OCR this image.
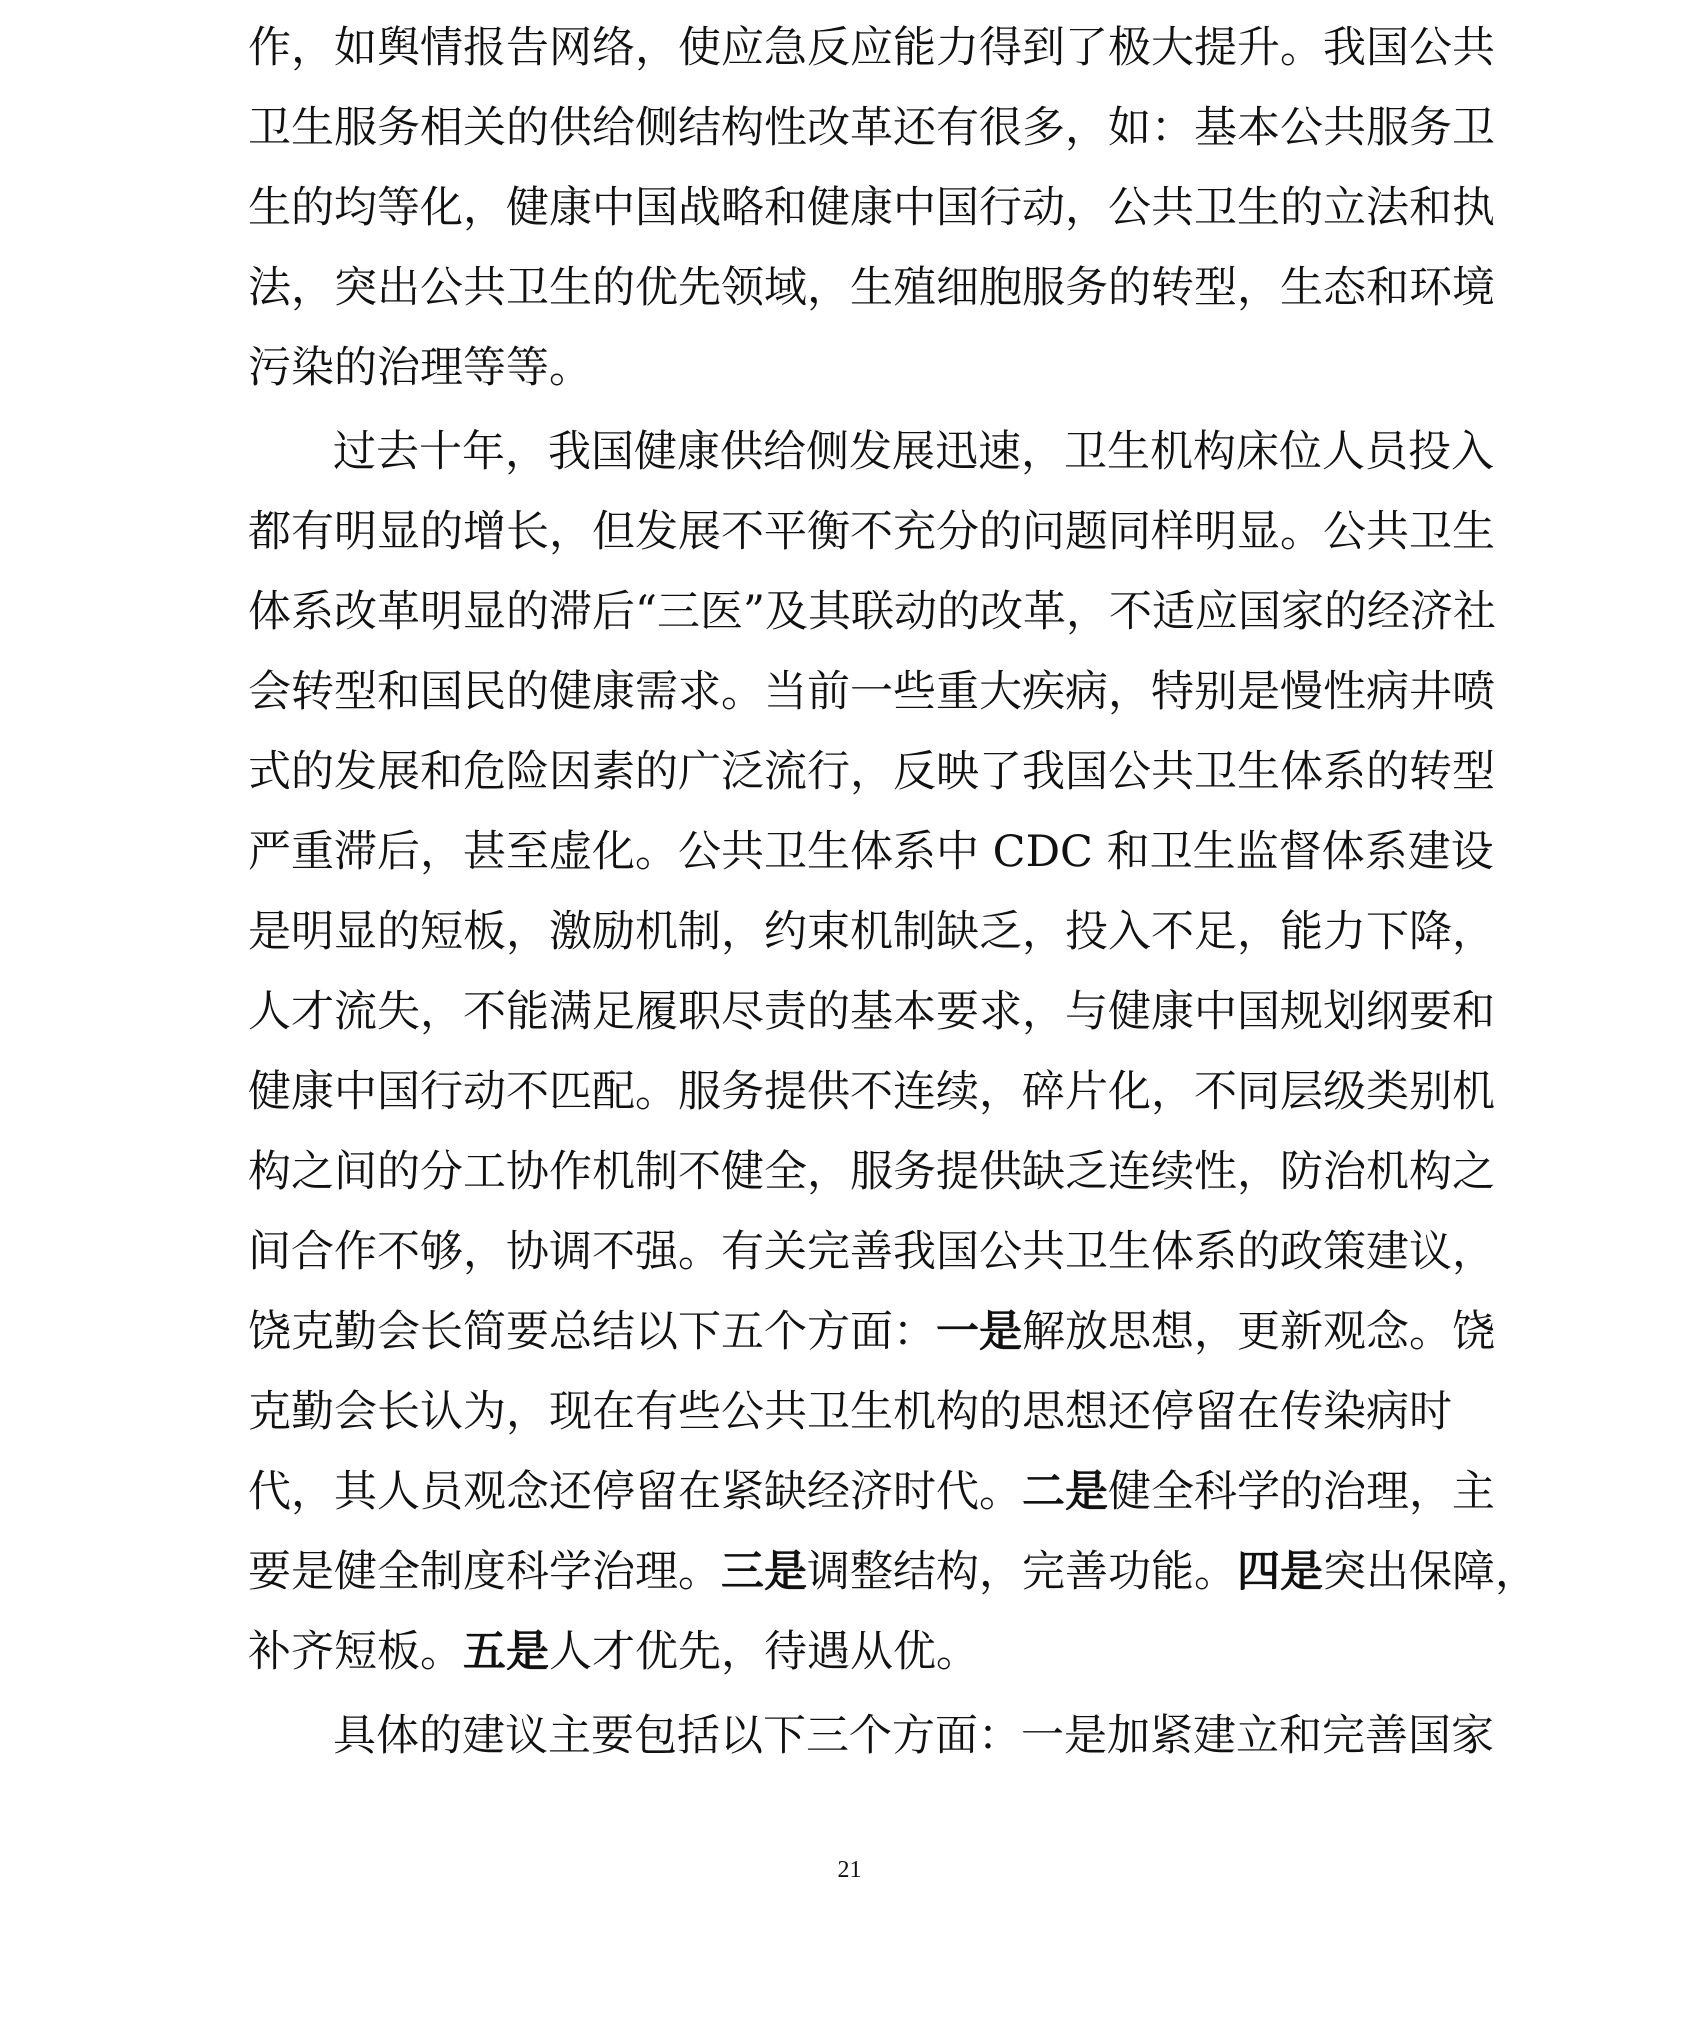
作，如舆情报告网络，使应急反应能力得到了极大提升。我国公共
卫生服务相关的供给侧结构性改革还有很多，如：基本公共服务卫
生的均等化，健康中国战略和健康中国行动，公共卫生的立法和执
法，突出公共卫生的优先领域，生殖细胞服务的转型，生态和环境
污染的治理等等。
过去十年，我国健康供给侧发展迅速，卫生机构床位人员投入
都有明显的增长，但发展不平衡不充分的问题同样明显。公共卫生
体系改革明显的滞后“三医”及其联动的改革，不适应国家的经济社
会转型和国民的健康需求。当前一些重大疾病，特别是慢性病井喷
式的发展和危险因素的广泛流行，反映了我国公共卫生体系的转型
严重滞后，甚至虚化。公共卫生体系中 CDC 和卫生监督体系建设
是明显的短板，激励机制，约束机制缺乏，投入不足，能力下降，
人才流失，不能满足履职尽责的基本要求，与健康中国规划纲要和
健康中国行动不匹配。服务提供不连续，碎片化，不同层级类别机
构之间的分工协作机制不健全，服务提供缺乏连续性，防治机构之
间合作不够，协调不强。有关完善我国公共卫生体系的政策建议，
饶克勤会长简要总结以下五个方面：一是解放思想，更新观念。饶
克勤会长认为，现在有些公共卫生机构的思想还停留在传染病时
代，其人员观念还停留在紧缺经济时代。二是健全科学的治理，主
要是健全制度科学治理。三是调整结构，完善功能。四是突出保障，
补齐短板。五是人才优先，待遇从优。
具体的建议主要包括以下三个方面：一是加紧建立和完善国家
21
